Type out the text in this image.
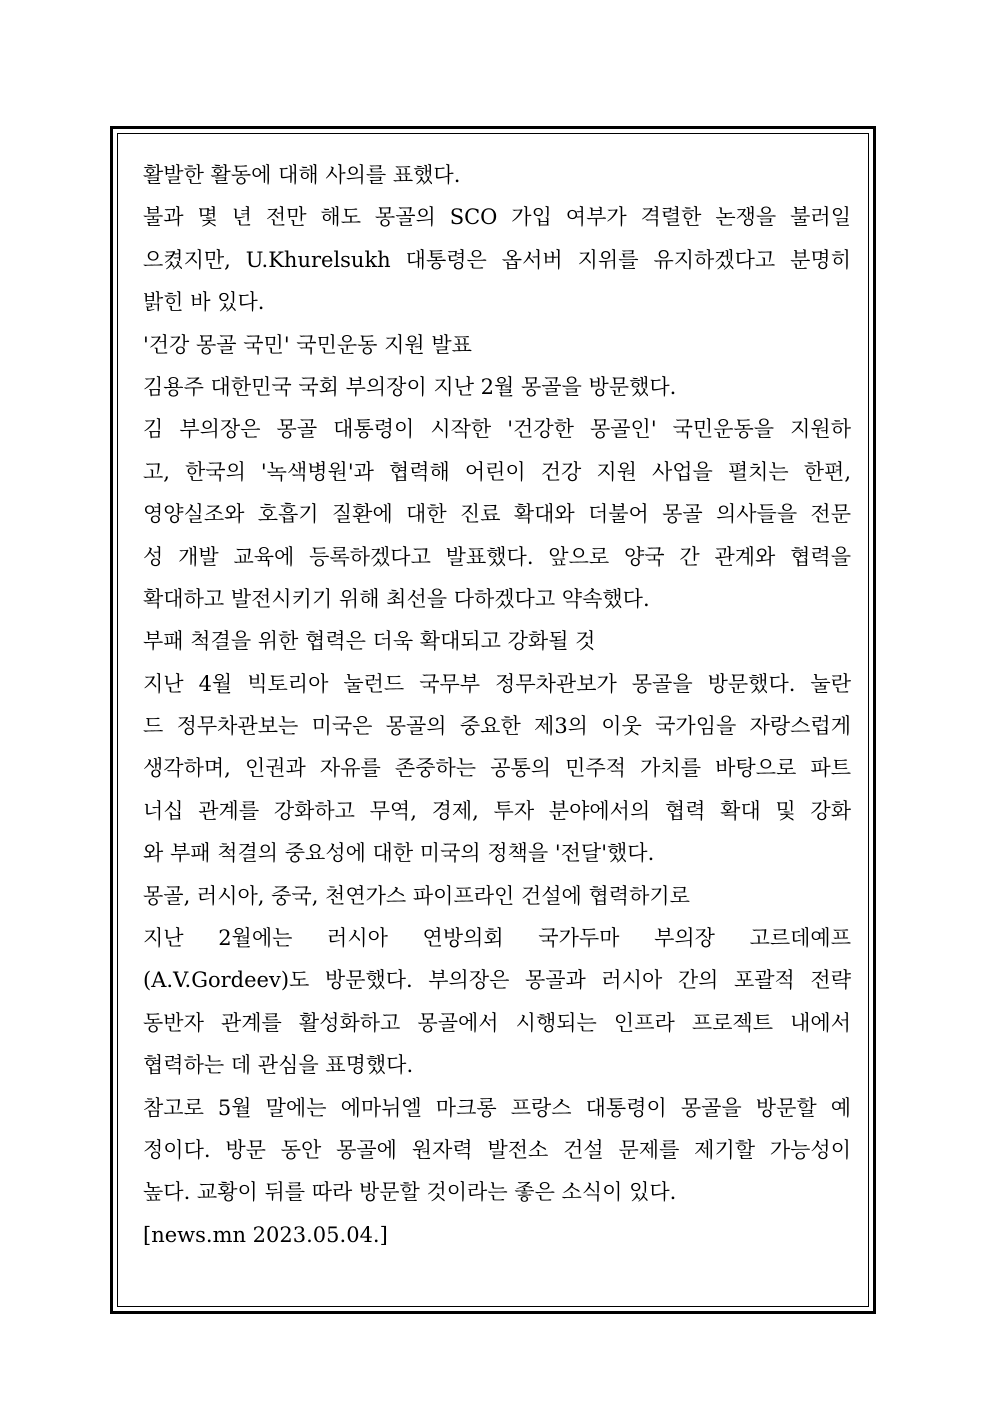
활발한 활동에 대해 사의를 표했다.
불과 몇 년 전만 해도 몽골의 SCO 가입 여부가 격렬한 논쟁을 불러일
으켰지만, U.Khurelsukh 대통령은 옵서버 지위를 유지하겠다고 분명히
밝힌 바 있다.
'건강 몽골 국민' 국민운동 지원 발표
김용주 대한민국 국회 부의장이 지난 2월 몽골을 방문했다.
김 부의장은 몽골 대통령이 시작한 '건강한 몽골인' 국민운동을 지원하
고, 한국의 '녹색병원'과 협력해 어린이 건강 지원 사업을 펼치는 한편,
영양실조와 호흡기 질환에 대한 진료 확대와 더불어 몽골 의사들을 전문
성 개발 교육에 등록하겠다고 발표했다. 앞으로 양국 간 관계와 협력을
확대하고 발전시키기 위해 최선을 다하겠다고 약속했다.
부패 척결을 위한 협력은 더욱 확대되고 강화될 것
지난 4월 빅토리아 눌런드 국무부 정무차관보가 몽골을 방문했다. 눌란
드 정무차관보는 미국은 몽골의 중요한 제3의 이웃 국가임을 자랑스럽게
생각하며, 인권과 자유를 존중하는 공통의 민주적 가치를 바탕으로 파트
너십 관계를 강화하고 무역, 경제, 투자 분야에서의 협력 확대 및 강화
와 부패 척결의 중요성에 대한 미국의 정책을 '전달'했다.
몽골, 러시아, 중국, 천연가스 파이프라인 건설에 협력하기로
지난 2월에는 러시아 연방의회 국가두마 부의장 고르데예프
(A.V.Gordeev)도 방문했다. 부의장은 몽골과 러시아 간의 포괄적 전략
동반자 관계를 활성화하고 몽골에서 시행되는 인프라 프로젝트 내에서
협력하는 데 관심을 표명했다.
참고로 5월 말에는 에마뉘엘 마크롱 프랑스 대통령이 몽골을 방문할 예
정이다. 방문 동안 몽골에 원자력 발전소 건설 문제를 제기할 가능성이
높다. 교황이 뒤를 따라 방문할 것이라는 좋은 소식이 있다.
[news.mn 2023.05.04.]
